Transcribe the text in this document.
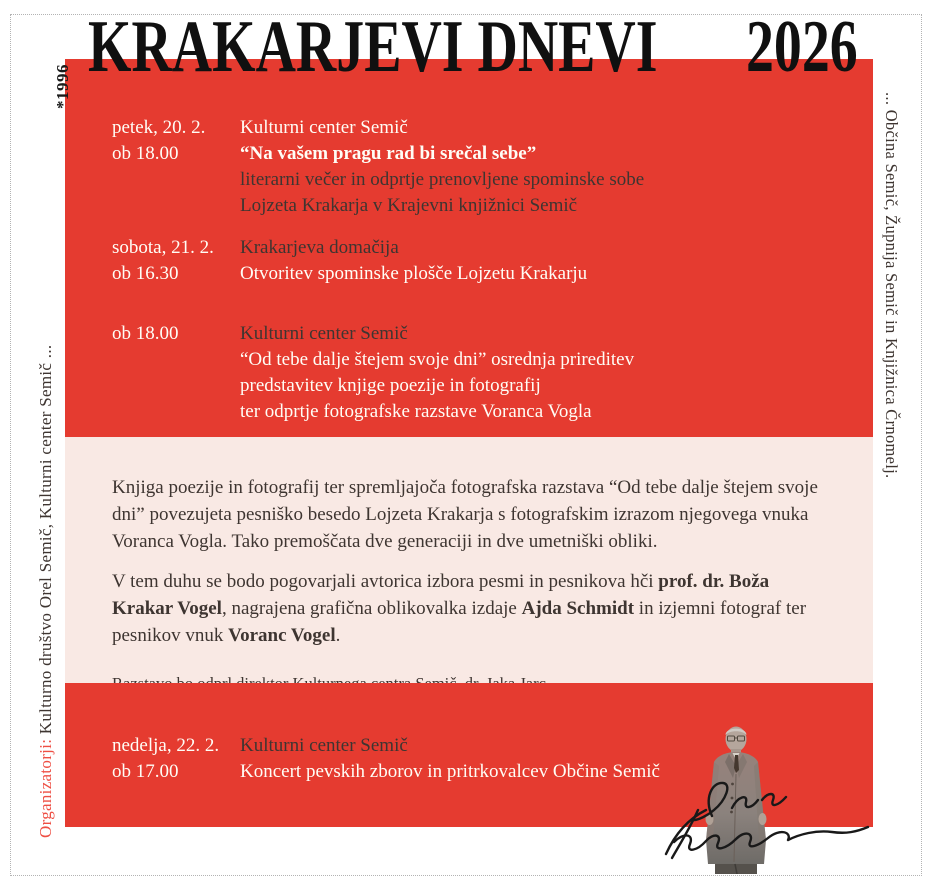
KRAKARJEVI DNEVI 2026
*1996
Organizatorji: Kulturno društvo Orel Semič, Kulturni center Semič ...
... Občina Semič, Župnija Semič in Knjižnica Črnomelj.
petek, 20. 2.
ob 18.00
Kulturni center Semič
“Na vašem pragu rad bi srečal sebe”
literarni večer in odprtje prenovljene spominske sobe
Lojzeta Krakarja v Krajevni knjižnici Semič
sobota, 21. 2.
ob 16.30
Krakarjeva domačija
Otvoritev spominske plošče Lojzetu Krakarju
ob 18.00	Kulturni center Semič
“Od tebe dalje štejem svoje dni” osrednja prireditev
predstavitev knjige poezije in fotografij
ter odprtje fotografske razstave Voranca Vogla

Knjiga poezije in fotografij ter spremljajoča fotografska razstava “Od tebe dalje štejem svoje dni” povezujeta pesniško besedo Lojzeta Krakarja s fotografskim izrazom njegovega vnuka Voranca Vogla. Tako premoščata dve generaciji in dve umetniški obliki.

V tem duhu se bodo pogovarjali avtorica izbora pesmi in pesnikova hči prof. dr. Boža Krakar Vogel, nagrajena grafična oblikovalka izdaje Ajda Schmidt in izjemni fotograf ter pesnikov vnuk Voranc Vogel.

nedelja, 22. 2.
ob 17.00
Kulturni center Semič
Koncert pevskih zborov in pritrkovalcev Občine Semič
